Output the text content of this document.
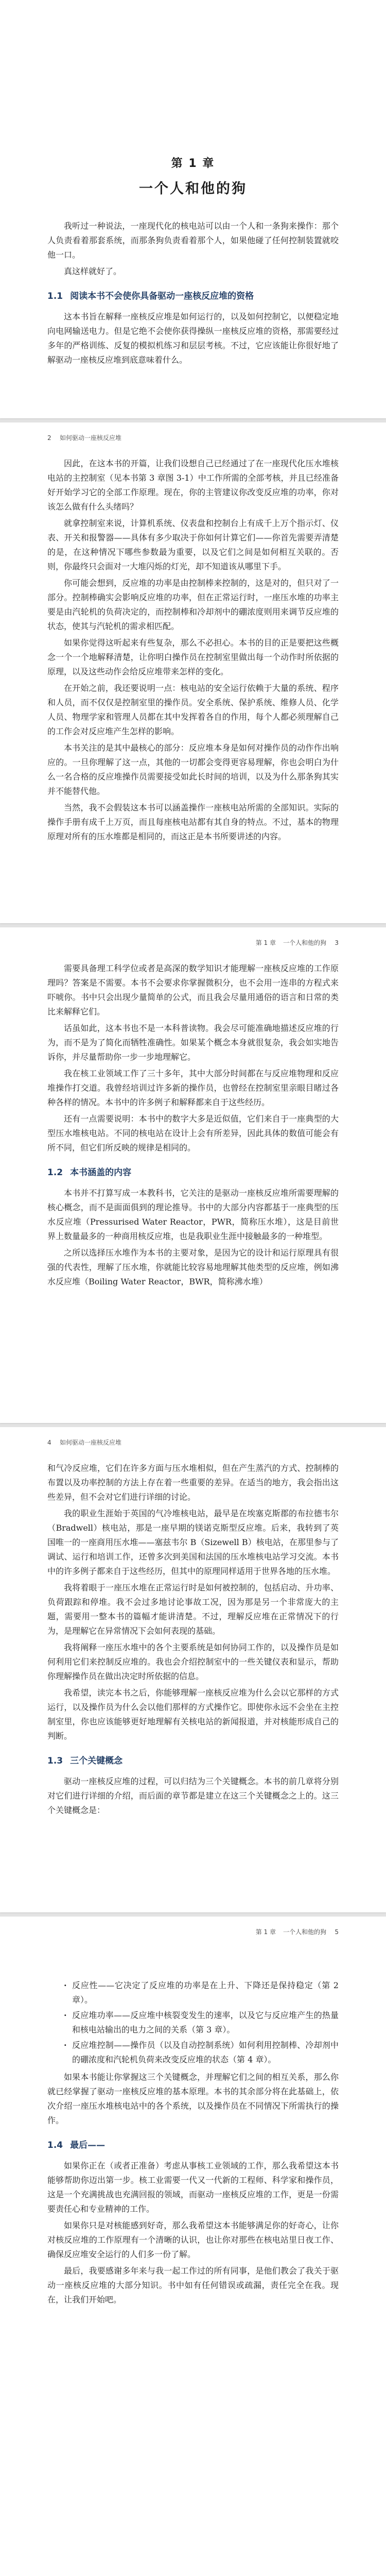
第 1 章
一个人和他的狗

我听过一种说法，一座现代化的核电站可以由一个人和一条狗来操作：那个人负责看着那套系统，而那条狗负责看着那个人，如果他碰了任何控制装置就咬他一口。

真这样就好了。

1.1 阅读本书不会使你具备驱动一座核反应堆的资格

这本书旨在解释一座核反应堆是如何运行的，以及如何控制它，以便稳定地向电网输送电力。但是它绝不会使你获得操纵一座核反应堆的资格，那需要经过多年的严格训练、反复的模拟机练习和层层考核。不过，它应该能让你很好地了解驱动一座核反应堆到底意味着什么。

2 如何驱动一座核反应堆

因此，在这本书的开篇，让我们设想自己已经通过了在一座现代化压水堆核电站的主控制室（见本书第 3 章图 3-1）中工作所需的全部考核，并且已经准备好开始学习它的全部工作原理。现在，你的主管建议你改变反应堆的功率，你对该怎么做有什么头绪吗？

就拿控制室来说，计算机系统、仪表盘和控制台上有成千上万个指示灯、仪表、开关和报警器——具体有多少取决于你如何计算它们——你首先需要弄清楚的是，在这种情况下哪些参数最为重要，以及它们之间是如何相互关联的。否则，你最终只会面对一大堆闪烁的灯光，却不知道该从哪里下手。

你可能会想到，反应堆的功率是由控制棒来控制的，这是对的，但只对了一部分。控制棒确实会影响反应堆的功率，但在正常运行时，一座压水堆的功率主要是由汽轮机的负荷决定的，而控制棒和冷却剂中的硼浓度则用来调节反应堆的状态，使其与汽轮机的需求相匹配。

如果你觉得这听起来有些复杂，那么不必担心。本书的目的正是要把这些概念一个一个地解释清楚，让你明白操作员在控制室里做出每一个动作时所依据的原理，以及这些动作会给反应堆带来怎样的变化。

在开始之前，我还要说明一点：核电站的安全运行依赖于大量的系统、程序和人员，而不仅仅是控制室里的操作员。安全系统、保护系统、维修人员、化学人员、物理学家和管理人员都在其中发挥着各自的作用，每个人都必须理解自己的工作会对反应堆产生怎样的影响。

本书关注的是其中最核心的部分：反应堆本身是如何对操作员的动作作出响应的。一旦你理解了这一点，其他的一切都会变得更容易理解，你也会明白为什么一名合格的反应堆操作员需要接受如此长时间的培训，以及为什么那条狗其实并不能替代他。

当然，我不会假装这本书可以涵盖操作一座核电站所需的全部知识。实际的操作手册有成千上万页，而且每座核电站都有其自身的特点。不过，基本的物理原理对所有的压水堆都是相同的，而这正是本书所要讲述的内容。

第 1 章 一个人和他的狗 3

需要具备理工科学位或者是高深的数学知识才能理解一座核反应堆的工作原理吗？答案是不需要。本书不会要求你掌握微积分，也不会用一连串的方程式来吓唬你。书中只会出现少量简单的公式，而且我会尽量用通俗的语言和日常的类比来解释它们。

话虽如此，这本书也不是一本科普读物。我会尽可能准确地描述反应堆的行为，而不是为了简化而牺牲准确性。如果某个概念本身就很复杂，我会如实地告诉你，并尽量帮助你一步一步地理解它。

我在核工业领域工作了三十多年，其中大部分时间都在与反应堆物理和反应堆操作打交道。我曾经培训过许多新的操作员，也曾经在控制室里亲眼目睹过各种各样的情况。本书中的许多例子和解释都来自于这些经历。

还有一点需要说明：本书中的数字大多是近似值，它们来自于一座典型的大型压水堆核电站。不同的核电站在设计上会有所差异，因此具体的数值可能会有所不同，但它们所反映的规律是相同的。

1.2 本书涵盖的内容

本书并不打算写成一本教科书，它关注的是驱动一座核反应堆所需要理解的核心概念，而不是面面俱到的理论推导。书中的大部分内容都基于一座典型的压水反应堆（Pressurised Water Reactor，PWR，简称压水堆），这是目前世界上数量最多的一种商用核反应堆，也是我职业生涯中接触最多的一种堆型。

之所以选择压水堆作为本书的主要对象，是因为它的设计和运行原理具有很强的代表性，理解了压水堆，你就能比较容易地理解其他类型的反应堆，例如沸水反应堆（Boiling Water Reactor，BWR，简称沸水堆）

4 如何驱动一座核反应堆

和气冷反应堆，它们在许多方面与压水堆相似，但在产生蒸汽的方式、控制棒的布置以及功率控制的方法上存在着一些重要的差异。在适当的地方，我会指出这些差异，但不会对它们进行详细的讨论。

我的职业生涯始于英国的气冷堆核电站，最早是在埃塞克斯郡的布拉德韦尔（Bradwell）核电站，那是一座早期的镁诺克斯型反应堆。后来，我转到了英国唯一的一座商用压水堆——塞兹韦尔 B（Sizewell B）核电站，在那里参与了调试、运行和培训工作，还曾多次到美国和法国的压水堆核电站学习交流。本书中的许多例子都来自于这些经历，但其中的原理同样适用于世界各地的压水堆。

我将着眼于一座压水堆在正常运行时是如何被控制的，包括启动、升功率、负荷跟踪和停堆。我不会过多地讨论事故工况，因为那是另一个非常庞大的主题，需要用一整本书的篇幅才能讲清楚。不过，理解反应堆在正常情况下的行为，是理解它在异常情况下会如何表现的基础。

我将阐释一座压水堆中的各个主要系统是如何协同工作的，以及操作员是如何利用它们来控制反应堆的。我也会介绍控制室中的一些关键仪表和显示，帮助你理解操作员在做出决定时所依据的信息。

我希望，读完本书之后，你能够理解一座核反应堆为什么会以它那样的方式运行，以及操作员为什么会以他们那样的方式操作它。即使你永远不会坐在主控制室里，你也应该能够更好地理解有关核电站的新闻报道，并对核能形成自己的判断。

1.3 三个关键概念

驱动一座核反应堆的过程，可以归结为三个关键概念。本书的前几章将分别对它们进行详细的介绍，而后面的章节都是建立在这三个关键概念之上的。这三个关键概念是：

第 1 章 一个人和他的狗 5
· 反应性——它决定了反应堆的功率是在上升、下降还是保持稳定（第 2 章）。
· 反应堆功率——反应堆中核裂变发生的速率，以及它与反应堆产生的热量和核电站输出的电力之间的关系（第 3 章）。
· 反应堆控制——操作员（以及自动控制系统）如何利用控制棒、冷却剂中的硼浓度和汽轮机负荷来改变反应堆的状态（第 4 章）。

如果本书能让你掌握这三个关键概念，并理解它们之间的相互关系，那么你就已经掌握了驱动一座核反应堆的基本原理。本书的其余部分将在此基础上，依次介绍一座压水堆核电站中的各个系统，以及操作员在不同情况下所需执行的操作。

1.4 最后——

如果你正在（或者正准备）考虑从事核工业领域的工作，那么我希望这本书能够帮助你迈出第一步。核工业需要一代又一代新的工程师、科学家和操作员，这是一个充满挑战也充满回报的领域，而驱动一座核反应堆的工作，更是一份需要责任心和专业精神的工作。

如果你只是对核能感到好奇，那么我希望这本书能够满足你的好奇心，让你对核反应堆的工作原理有一个清晰的认识，也让你对那些在核电站里日夜工作、确保反应堆安全运行的人们多一份了解。

最后，我要感谢多年来与我一起工作过的所有同事，是他们教会了我关于驱动一座核反应堆的大部分知识。书中如有任何错误或疏漏，责任完全在我。现在，让我们开始吧。
